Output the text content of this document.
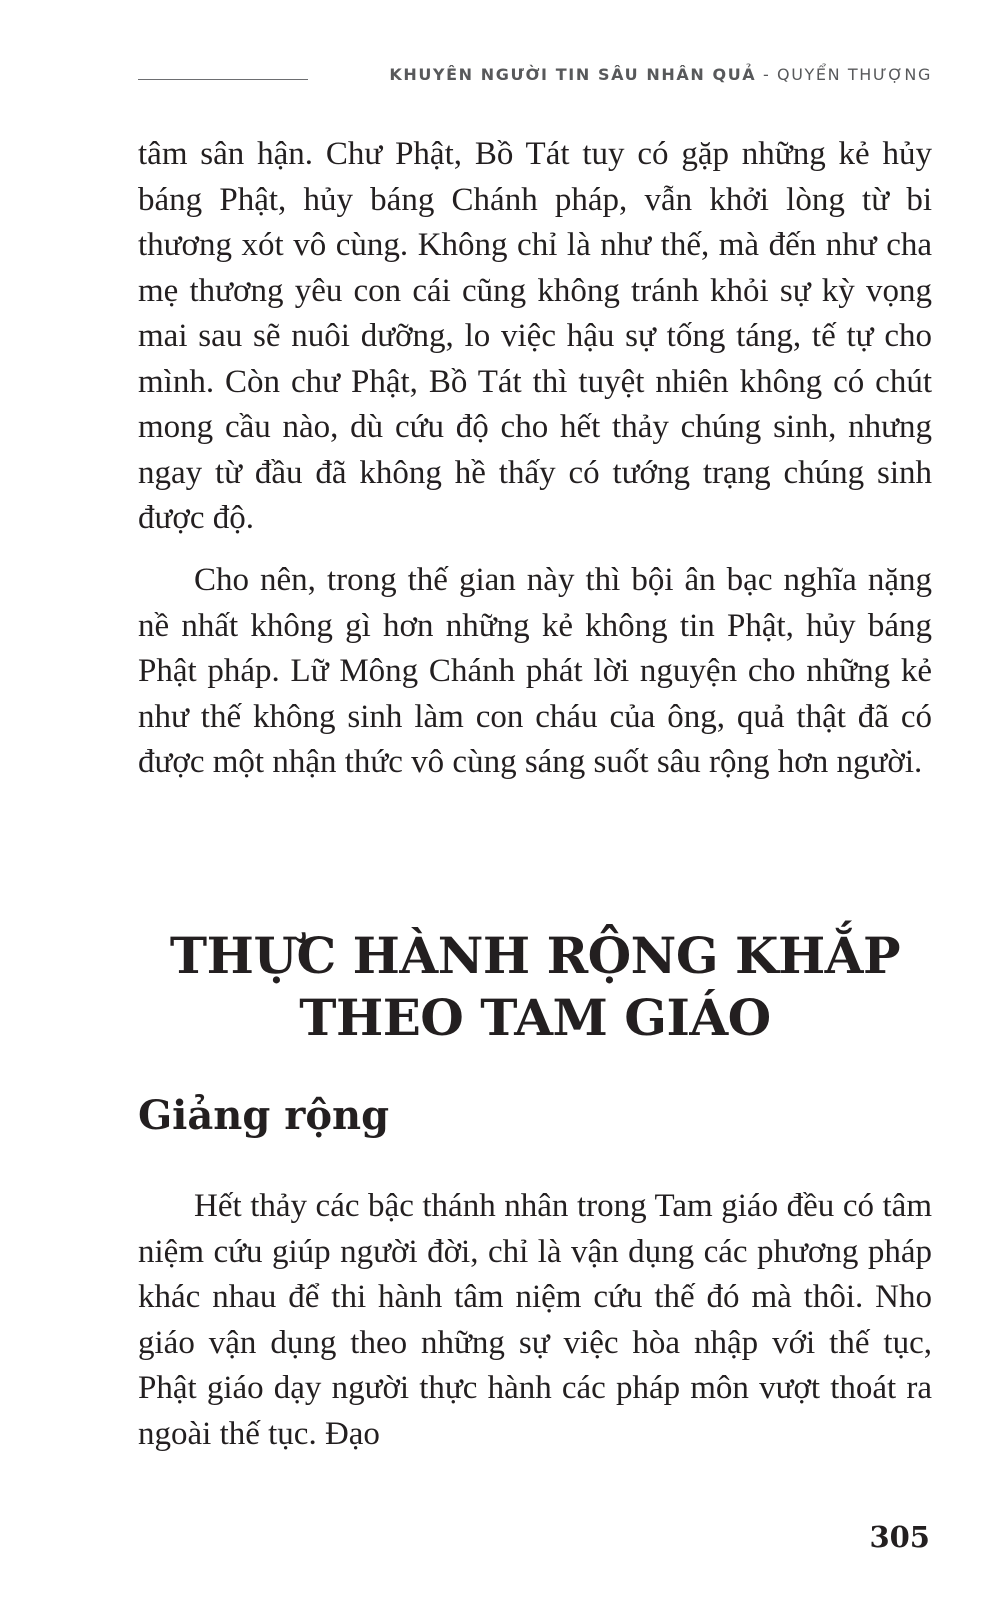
KHUYÊN NGƯỜI TIN SÂU NHÂN QUẢ - QUYỂN THƯỢNG

tâm sân hận. Chư Phật, Bồ Tát tuy có gặp những kẻ hủy báng Phật, hủy báng Chánh pháp, vẫn khởi lòng từ bi thương xót vô cùng. Không chỉ là như thế, mà đến như cha mẹ thương yêu con cái cũng không tránh khỏi sự kỳ vọng mai sau sẽ nuôi dưỡng, lo việc hậu sự tống táng, tế tự cho mình. Còn chư Phật, Bồ Tát thì tuyệt nhiên không có chút mong cầu nào, dù cứu độ cho hết thảy chúng sinh, nhưng ngay từ đầu đã không hề thấy có tướng trạng chúng sinh được độ.

Cho nên, trong thế gian này thì bội ân bạc nghĩa nặng nề nhất không gì hơn những kẻ không tin Phật, hủy báng Phật pháp. Lữ Mông Chánh phát lời nguyện cho những kẻ như thế không sinh làm con cháu của ông, quả thật đã có được một nhận thức vô cùng sáng suốt sâu rộng hơn người.

THỰC HÀNH RỘNG KHẮP
THEO TAM GIÁO
Giảng rộng

Hết thảy các bậc thánh nhân trong Tam giáo đều có tâm niệm cứu giúp người đời, chỉ là vận dụng các phương pháp khác nhau để thi hành tâm niệm cứu thế đó mà thôi. Nho giáo vận dụng theo những sự việc hòa nhập với thế tục, Phật giáo dạy người thực hành các pháp môn vượt thoát ra ngoài thế tục. Đạo

305
